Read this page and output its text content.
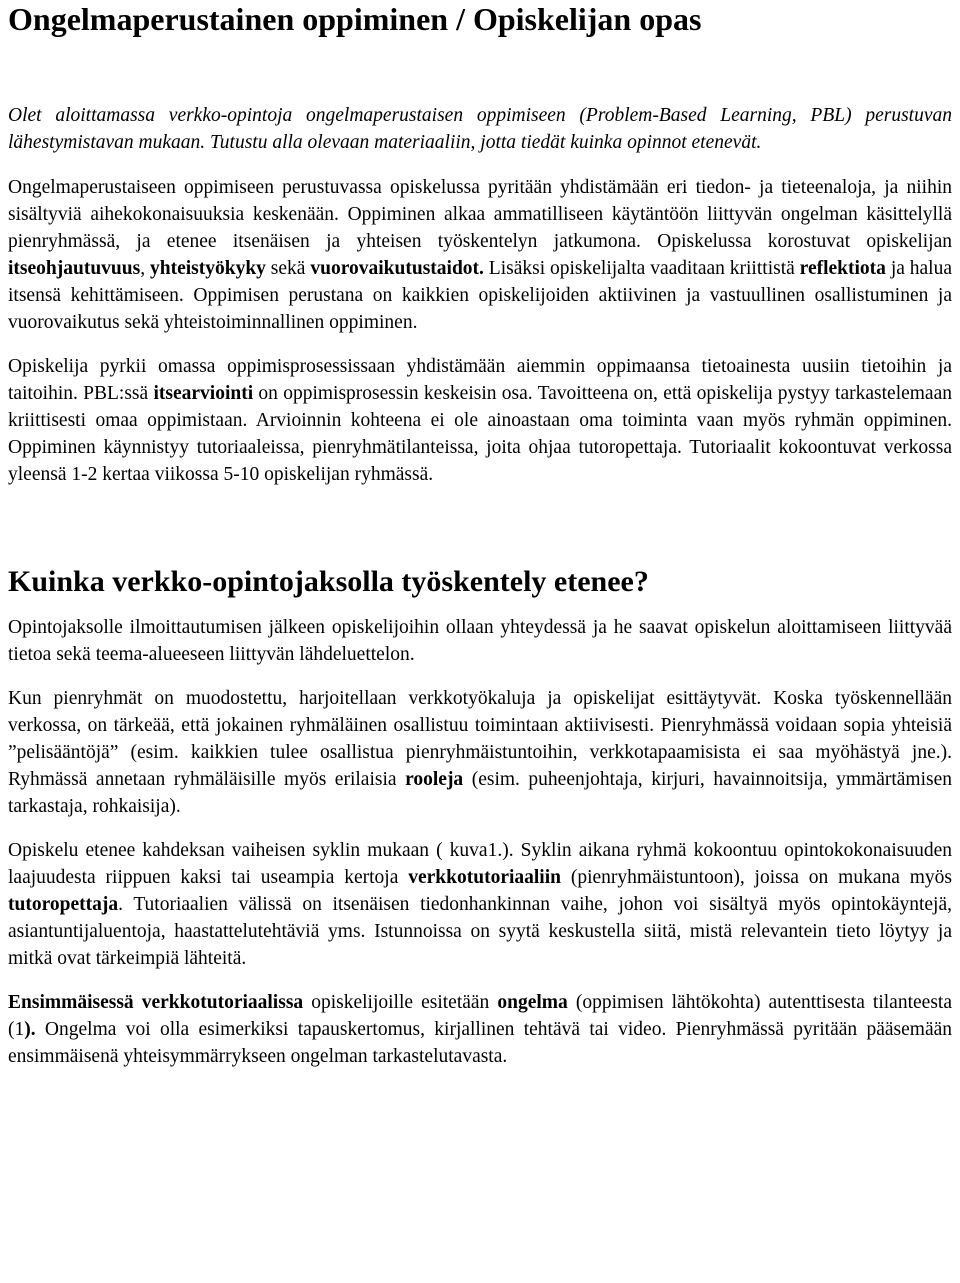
Ongelmaperustainen oppiminen / Opiskelijan opas

Olet aloittamassa verkko-opintoja ongelmaperustaisen oppimiseen (Problem-Based Learning, PBL) perustuvan lähestymistavan mukaan. Tutustu alla olevaan materiaaliin, jotta tiedät kuinka opinnot etenevät.

Ongelmaperustaiseen oppimiseen perustuvassa opiskelussa pyritään yhdistämään eri tiedon- ja tieteenaloja, ja niihin sisältyviä aihekokonaisuuksia keskenään. Oppiminen alkaa ammatilliseen käytäntöön liittyvän ongelman käsittelyllä pienryhmässä, ja etenee itsenäisen ja yhteisen työskentelyn jatkumona. Opiskelussa korostuvat opiskelijan itseohjautuvuus, yhteistyökyky sekä vuorovaikutustaidot. Lisäksi opiskelijalta vaaditaan kriittistä reflektiota ja halua itsensä kehittämiseen. Oppimisen perustana on kaikkien opiskelijoiden aktiivinen ja vastuullinen osallistuminen ja vuorovaikutus sekä yhteistoiminnallinen oppiminen.

Opiskelija pyrkii omassa oppimisprosessissaan yhdistämään aiemmin oppimaansa tietoainesta uusiin tietoihin ja taitoihin. PBL:ssä itsearviointi on oppimisprosessin keskeisin osa. Tavoitteena on, että opiskelija pystyy tarkastelemaan kriittisesti omaa oppimistaan. Arvioinnin kohteena ei ole ainoastaan oma toiminta vaan myös ryhmän oppiminen. Oppiminen käynnistyy tutoriaaleissa, pienryhmätilanteissa, joita ohjaa tutoropettaja. Tutoriaalit kokoontuvat verkossa yleensä 1-2 kertaa viikossa 5-10 opiskelijan ryhmässä.

Kuinka verkko-opintojaksolla työskentely etenee?

Opintojaksolle ilmoittautumisen jälkeen opiskelijoihin ollaan yhteydessä ja he saavat opiskelun aloittamiseen liittyvää tietoa sekä teema-alueeseen liittyvän lähdeluettelon.

Kun pienryhmät on muodostettu, harjoitellaan verkkotyökaluja ja opiskelijat esittäytyvät. Koska työskennellään verkossa, on tärkeää, että jokainen ryhmäläinen osallistuu toimintaan aktiivisesti. Pienryhmässä voidaan sopia yhteisiä ”pelisääntöjä” (esim. kaikkien tulee osallistua pienryhmäistuntoihin, verkkotapaamisista ei saa myöhästyä jne.). Ryhmässä annetaan ryhmäläisille myös erilaisia rooleja (esim. puheenjohtaja, kirjuri, havainnoitsija, ymmärtämisen tarkastaja, rohkaisija).

Opiskelu etenee kahdeksan vaiheisen syklin mukaan ( kuva1.). Syklin aikana ryhmä kokoontuu opintokokonaisuuden laajuudesta riippuen kaksi tai useampia kertoja verkkotutoriaaliin (pienryhmäistuntoon), joissa on mukana myös tutoropettaja. Tutoriaalien välissä on itsenäisen tiedonhankinnan vaihe, johon voi sisältyä myös opintokäyntejä, asiantuntijaluentoja, haastattelutehtäviä yms. Istunnoissa on syytä keskustella siitä, mistä relevantein tieto löytyy ja mitkä ovat tärkeimpiä lähteitä.

Ensimmäisessä verkkotutoriaalissa opiskelijoille esitetään ongelma (oppimisen lähtökohta) autenttisesta tilanteesta (1). Ongelma voi olla esimerkiksi tapauskertomus, kirjallinen tehtävä tai video. Pienryhmässä pyritään pääsemään ensimmäisenä yhteisymmärrykseen ongelman tarkastelutavasta.
